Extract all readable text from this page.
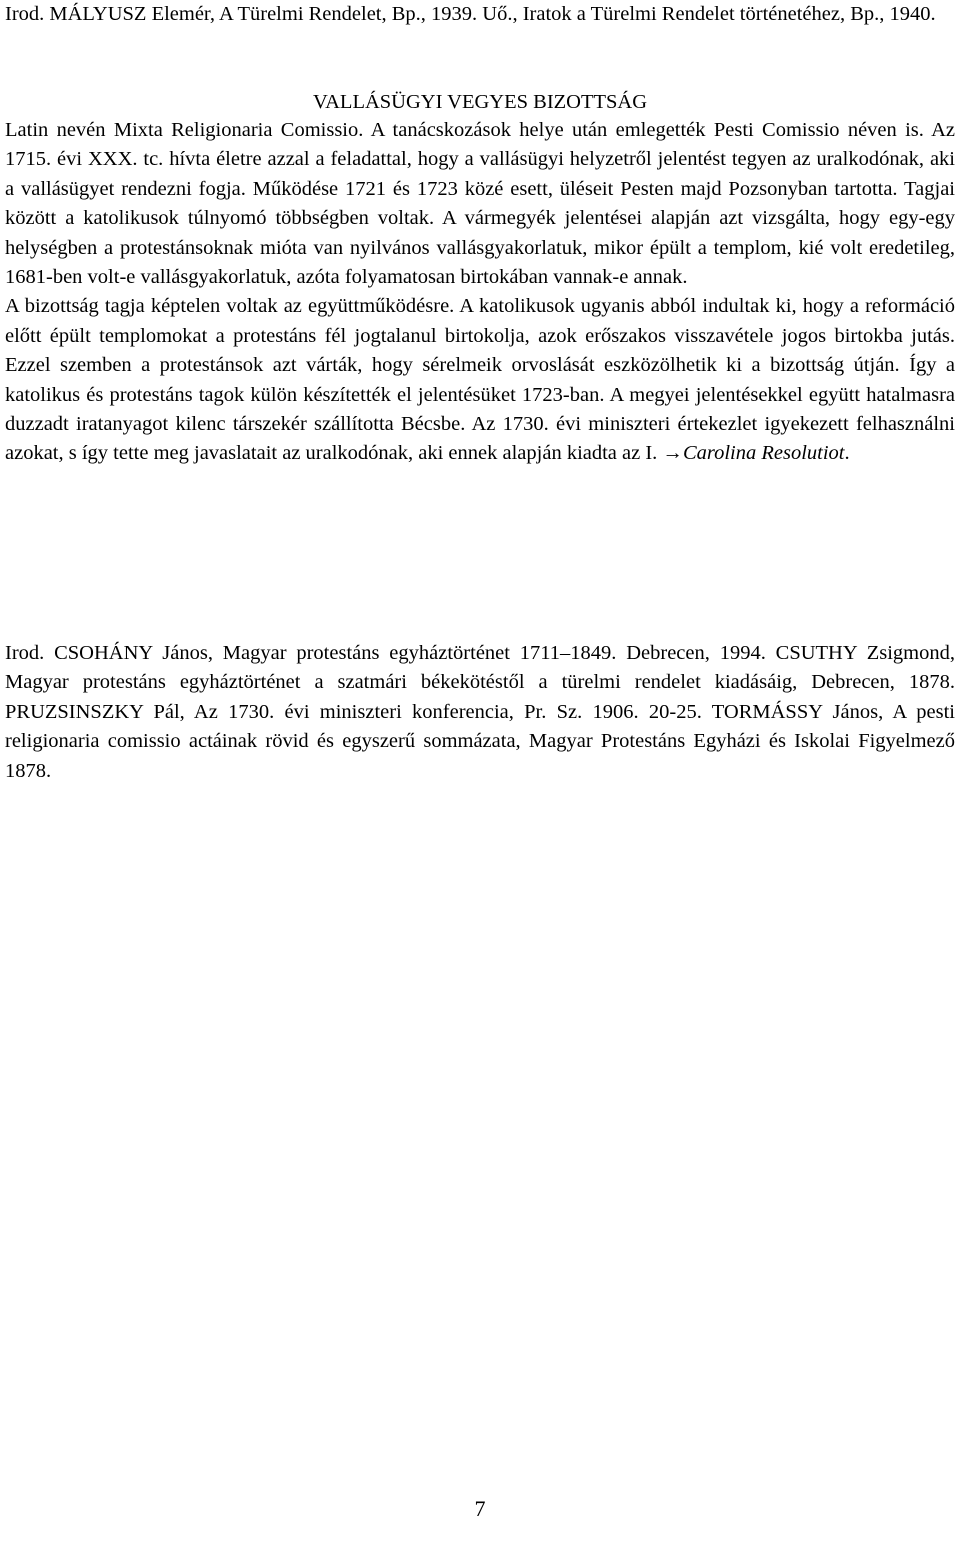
Irod. MÁLYUSZ Elemér, A Türelmi Rendelet, Bp., 1939. Uő., Iratok a Türelmi Rendelet történetéhez, Bp., 1940.

VALLÁSÜGYI VEGYES BIZOTTSÁG

Latin nevén Mixta Religionaria Comissio. A tanácskozások helye után emlegették Pesti Comissio néven is. Az 1715. évi XXX. tc. hívta életre azzal a feladattal, hogy a vallásügyi helyzetről jelentést tegyen az uralkodónak, aki a vallásügyet rendezni fogja. Működése 1721 és 1723 közé esett, üléseit Pesten majd Pozsonyban tartotta. Tagjai között a katolikusok túlnyomó többségben voltak. A vármegyék jelentései alapján azt vizsgálta, hogy egy-egy helységben a protestánsoknak mióta van nyilvános vallásgyakorlatuk, mikor épült a templom, kié volt eredetileg, 1681-ben volt-e vallásgyakorlatuk, azóta folyamatosan birtokában vannak-e annak.

A bizottság tagja képtelen voltak az együttműködésre. A katolikusok ugyanis abból indultak ki, hogy a reformáció előtt épült templomokat a protestáns fél jogtalanul birtokolja, azok erőszakos visszavétele jogos birtokba jutás. Ezzel szemben a protestánsok azt várták, hogy sérelmeik orvoslását eszközölhetik ki a bizottság útján. Így a katolikus és protestáns tagok külön készítették el jelentésüket 1723-ban. A megyei jelentésekkel együtt hatalmasra duzzadt iratanyagot kilenc társzekér szállította Bécsbe. Az 1730. évi miniszteri értekezlet igyekezett felhasználni azokat, s így tette meg javaslatait az uralkodónak, aki ennek alapján kiadta az I. →Carolina Resolutiot.

Irod. CSOHÁNY János, Magyar protestáns egyháztörténet 1711–1849. Debrecen, 1994. CSUTHY Zsigmond, Magyar protestáns egyháztörténet a szatmári békekötéstől a türelmi rendelet kiadásáig, Debrecen, 1878. PRUZSINSZKY Pál, Az 1730. évi miniszteri konferencia, Pr. Sz. 1906. 20-25. TORMÁSSY János, A pesti religionaria comissio actáinak rövid és egyszerű sommázata, Magyar Protestáns Egyházi és Iskolai Figyelmező 1878.

7
